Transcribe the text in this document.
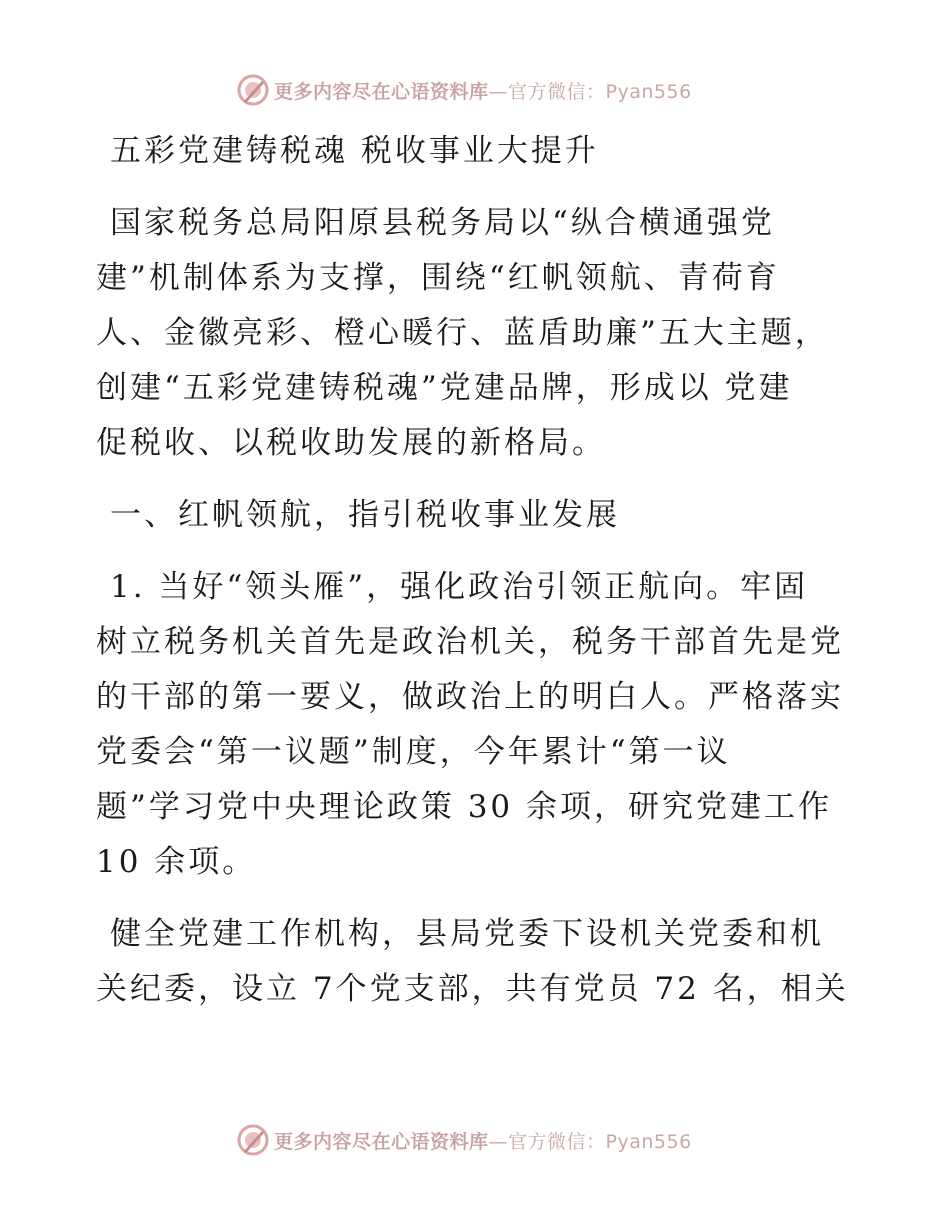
更多内容尽在心语资料库—官方微信：Pyan556
五彩党建铸税魂 税收事业大提升
国家税务总局阳原县税务局以“纵合横通强党
建”机制体系为支撑，围绕“红帆领航、青荷育
人、金徽亮彩、橙心暖行、蓝盾助廉”五大主题，
创建“五彩党建铸税魂”党建品牌，形成以 党建
促税收、以税收助发展的新格局。
一、红帆领航，指引税收事业发展
1. 当好“领头雁”，强化政治引领正航向。牢固
树立税务机关首先是政治机关，税务干部首先是党
的干部的第一要义，做政治上的明白人。严格落实
党委会“第一议题”制度，今年累计“第一议
题”学习党中央理论政策 30 余项，研究党建工作
10 余项。
健全党建工作机构，县局党委下设机关党委和机
关纪委，设立 7个党支部，共有党员 72 名，相关
更多内容尽在心语资料库—官方微信：Pyan556
